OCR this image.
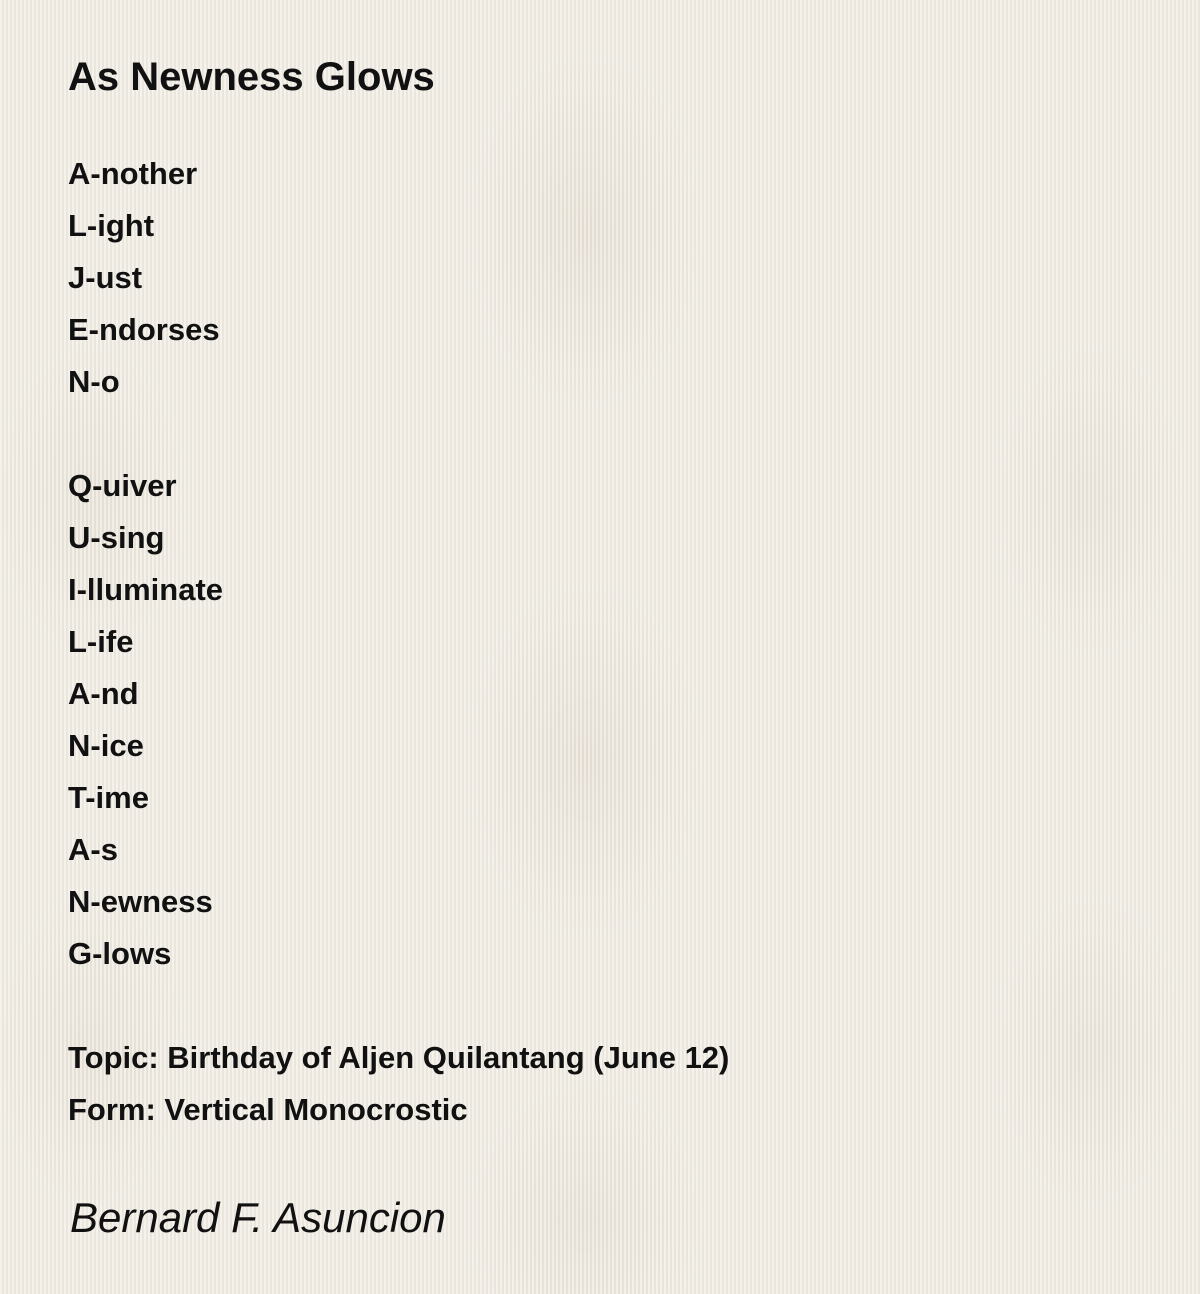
As Newness Glows
A-nother
L-ight
J-ust
E-ndorses
N-o
Q-uiver
U-sing
I-lluminate
L-ife
A-nd
N-ice
T-ime
A-s
N-ewness
G-lows
Topic: Birthday of Aljen Quilantang (June 12)
Form: Vertical Monocrostic
Bernard F. Asuncion
